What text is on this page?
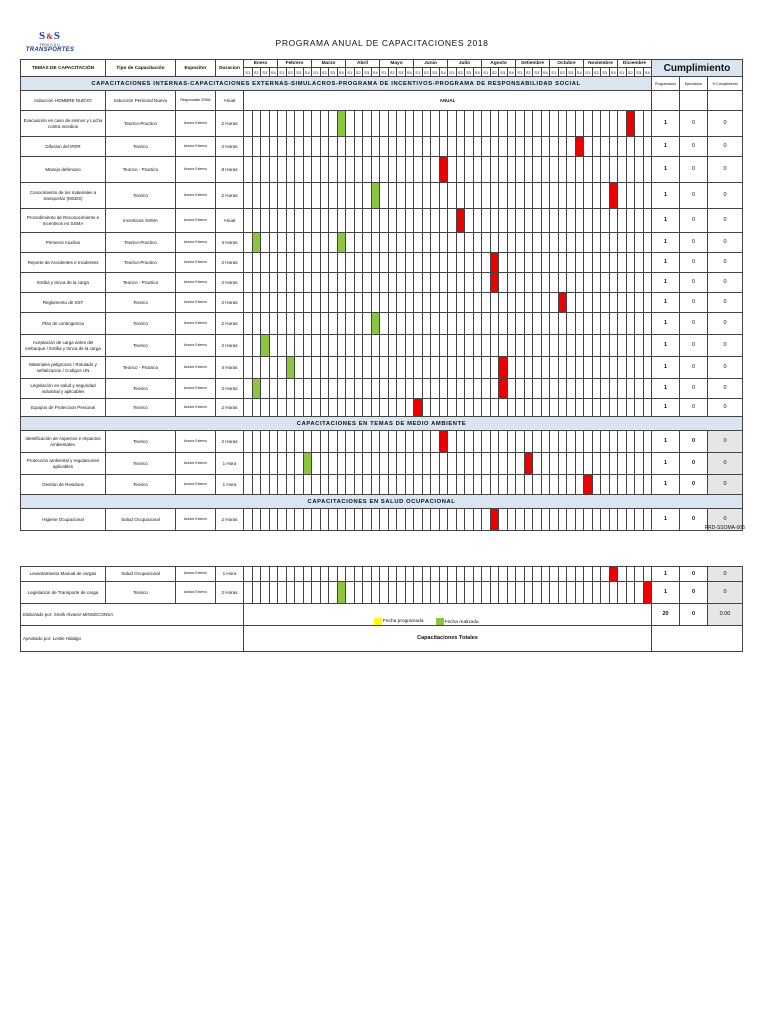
S&S
PERÚ S.A.C.
TRANSPORTES
PROGRAMA ANUAL DE CAPACITACIONES 2018
TEMAS DE CAPACITACIÓN	Tipo de Capacitación	Expositor	Duracion	Enero				Febrero				Marzo				Abril				Mayo				Junio				Julio				Agosto				Setiembre				Octubre				Noviembre				Diciembre				Cumplimiento		
				S1	S2	S3	S4	S1	S2	S3	S4	S1	S2	S3	S4	S1	S2	S3	S4	S1	S2	S3	S4	S1	S2	S3	S4	S1	S2	S3	S4	S1	S2	S3	S4	S1	S2	S3	S4	S1	S2	S3	S4	S1	S2	S3	S4	S1	S2	S3	S4			
CAPACITACIONES INTERNAS-CAPACITACIONES EXTERNAS-SIMULACROS-PROGRAMA DE INCENTIVOS-PROGRAMA DE RESPONSABILIDAD SOCIAL																																																				Programados	Ejecutados	% Cumplimiento
Inducción HOMBRE NUEVO	Inducción Personal Nuevo	Responsable SSMA	Anual	ANUAL																																																		
Evacuación en caso de sismos y Lucha contra incedios	Teorico-Practico	Asesor Externo	2 Horas																																																	1	0	0
Difusion del IPER	Teorico	Asesor Externo	2 Horas																																																	1	0	0
Manejo defensivo	Teorico - Practico	Asesor Externo	8 Horas																																																	1	0	0
Conocimiento de los materiales a transportar (MSDS)	Teorico	Asesor Externo	2 Horas																																																	1	0	0
Procedimiento de Reconocimiento e Incentivos en SSMA	Incentivos SSMA	Asesor Externo	Anual																																																	1	0	0
Primeros Auxilios	Teorico-Practico	Asesor Externo	4 Horas																																																	1	0	0
Reporte de Accidentes e Incidentes	Teorico-Practico	Asesor Externo	2 Horas																																																	1	0	0
Estiba y trinca de la carga	Teorico - Practico	Asesor Externo	2 Horas																																																	1	0	0
Reglamento de SST	Teorico	Asesor Externo	2 Horas																																																	1	0	0
Plan de contingencia	Teorico	Asesor Externo	2 Horas																																																	1	0	0
Aceptación de carga antes del embarque / Estiba y trinca de la carga	Teorico	Asesor Externo	2 Horas																																																	1	0	0
Materiales peligrosos / Rotulado y señalización / Codigos UN	Teorico - Practico	Asesor Externo	4 Horas																																																	1	0	0
Legislación en salud y seguridad industrial y aplicables	Teorico	Asesor Externo	2 Horas																																																	1	0	0
Equipos de Proteccion Personal	Teorico	Asesor Externo	2 Horas																																																	1	0	0
CAPACITACIONES EN TEMAS DE MEDIO AMBIENTE																																																						
Identificación de Aspectos e Impactos Ambientales.	Teorico	Asesor Externo	2 Horas																																																	1	0	0
Protección ambiental y regulaciones aplicables	Teorico	Asesor Externo	1 Hora																																																	1	0	0
Gestión de Residuos	Teorico	Asesor Externo	1 Hora																																																	1	0	0
CAPACITACIONES EN SALUD OCUPACIONAL																																																						
Higiene Ocupacional	Salud Ocupacional	Asesor Externo	2 Horas																																																	1	0	0
PRD-SSOMA-005
Levantamiento Manual de cargas	Salud Ocupacional	Asesor Externo	1 Hora																																																	1	0	0
Legislación de Transporte de carga	Teorico	Asesor Externo	2 Horas																																																	1	0	0
Elaborado por: Smith Alvarez MINGECONSA				Fecha programada Fecha realizada																																																20	0	0.00
Aprobado por: Leslie Hidalgo				Capacitaciones Totales																																																		
